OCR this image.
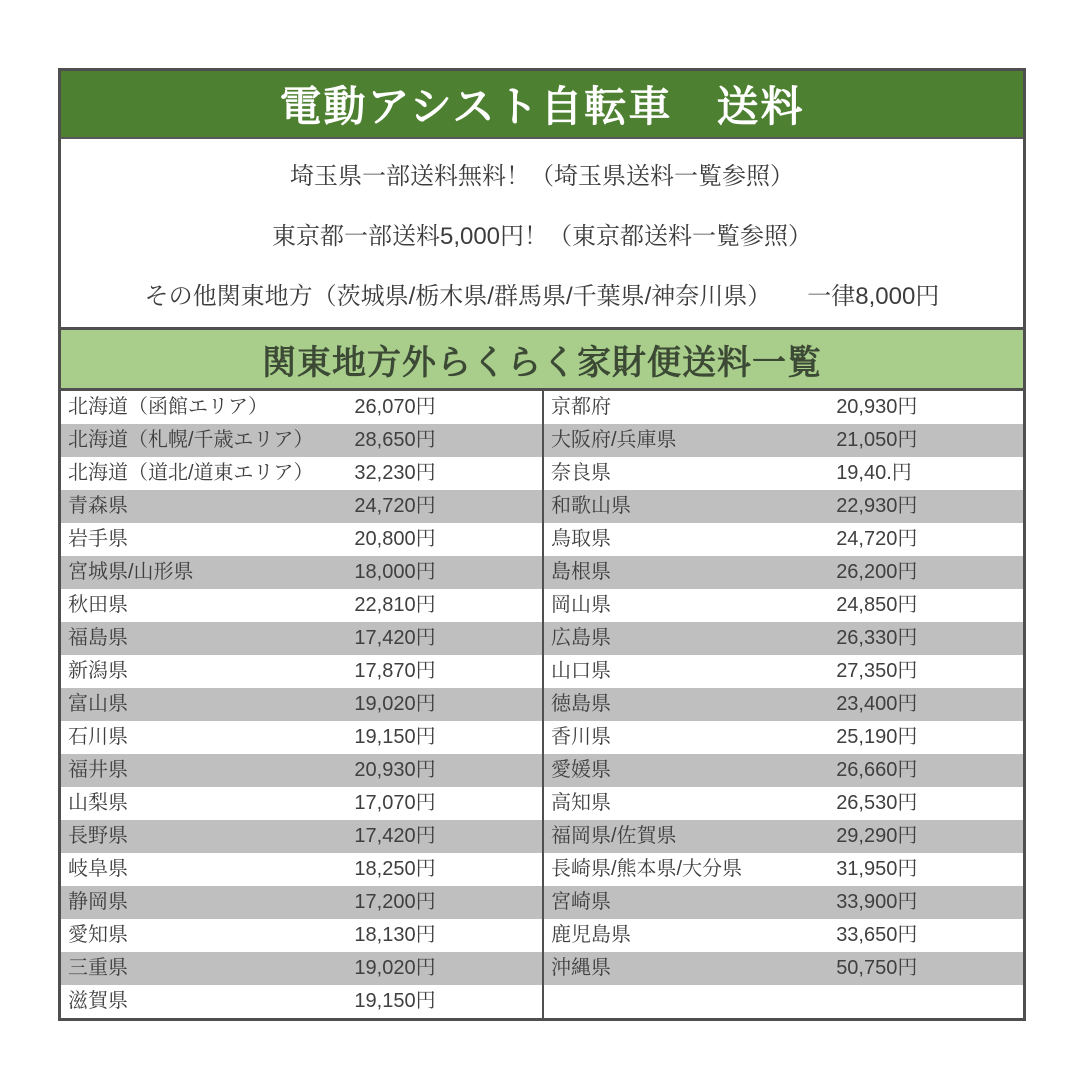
電動アシスト自転車　送料
埼玉県一部送料無料！（埼玉県送料一覧参照）
東京都一部送料5,000円！（東京都送料一覧参照）
その他関東地方（茨城県/栃木県/群馬県/千葉県/神奈川県）　　一律8,000円
関東地方外らくらく家財便送料一覧
北海道（函館エリア）	26,070円	京都府	20,930円
北海道（札幌/千歳エリア）	28,650円	大阪府/兵庫県	21,050円
北海道（道北/道東エリア）	32,230円	奈良県	19,40.円
青森県	24,720円	和歌山県	22,930円
岩手県	20,800円	鳥取県	24,720円
宮城県/山形県	18,000円	島根県	26,200円
秋田県	22,810円	岡山県	24,850円
福島県	17,420円	広島県	26,330円
新潟県	17,870円	山口県	27,350円
富山県	19,020円	徳島県	23,400円
石川県	19,150円	香川県	25,190円
福井県	20,930円	愛媛県	26,660円
山梨県	17,070円	高知県	26,530円
長野県	17,420円	福岡県/佐賀県	29,290円
岐阜県	18,250円	長崎県/熊本県/大分県	31,950円
静岡県	17,200円	宮崎県	33,900円
愛知県	18,130円	鹿児島県	33,650円
三重県	19,020円	沖縄県	50,750円
滋賀県	19,150円
